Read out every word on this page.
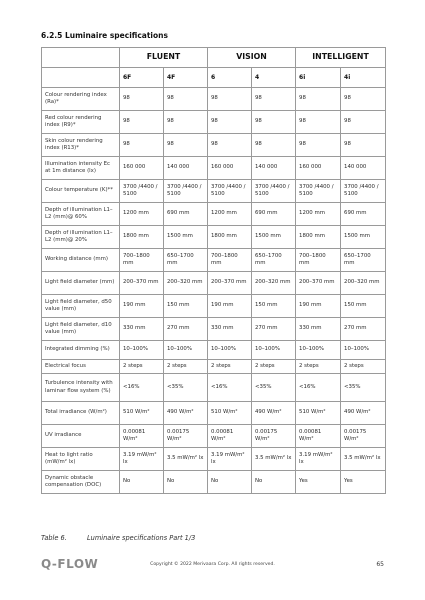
6.2.5 Luminaire specifications
	FLUENT		VISION		INTELLIGENT	
	6F	4F	6	4	6i	4i
Colour rendering index (Ra)*	98	98	98	98	98	98
Red colour rendering index (R9)*	98	98	98	98	98	98
Skin colour rendering index (R13)*	98	98	98	98	98	98
Illumination intensity Ec at 1m distance (lx)	160 000	140 000	160 000	140 000	160 000	140 000
Colour temperature (K)**	3700 /4400 / 5100	3700 /4400 / 5100	3700 /4400 / 5100	3700 /4400 / 5100	3700 /4400 / 5100	3700 /4400 / 5100
Depth of illumination L1–L2 (mm)@ 60%	1200 mm	690 mm	1200 mm	690 mm	1200 mm	690 mm
Depth of illumination L1–L2 (mm)@ 20%	1800 mm	1500 mm	1800 mm	1500 mm	1800 mm	1500 mm
Working distance (mm)	700–1800 mm	650–1700 mm	700–1800 mm	650–1700 mm	700–1800 mm	650–1700 mm
Light field diameter (mm)	200–370 mm	200–320 mm	200–370 mm	200–320 mm	200–370 mm	200–320 mm
Light field diameter, d50 value (mm)	190 mm	150 mm	190 mm	150 mm	190 mm	150 mm
Light field diameter, d10 value (mm)	330 mm	270 mm	330 mm	270 mm	330 mm	270 mm
Integrated dimming (%)	10–100%	10–100%	10–100%	10–100%	10–100%	10–100%
Electrical focus	2 steps	2 steps	2 steps	2 steps	2 steps	2 steps
Turbulence intensity with laminar flow system (%)	<16%	<35%	<16%	<35%	<16%	<35%
Total irradiance (W/m²)	510 W/m²	490 W/m²	510 W/m²	490 W/m²	510 W/m²	490 W/m²
UV irradiance	0.00081 W/m²	0.00175 W/m²	0.00081 W/m²	0.00175 W/m²	0.00081 W/m²	0.00175 W/m²
Heat to light ratio (mW/m² lx)	3.19 mW/m² lx	3.5 mW/m² lx	3.19 mW/m² lx	3.5 mW/m² lx	3.19 mW/m² lx	3.5 mW/m² lx
Dynamic obstacle compensation (DOC)	No	No	No	No	Yes	Yes
Table 6.	Luminaire specifications Part 1/3
Q-FLOW	Copyright © 2022 Merivaara Corp. All rights reserved.	65
